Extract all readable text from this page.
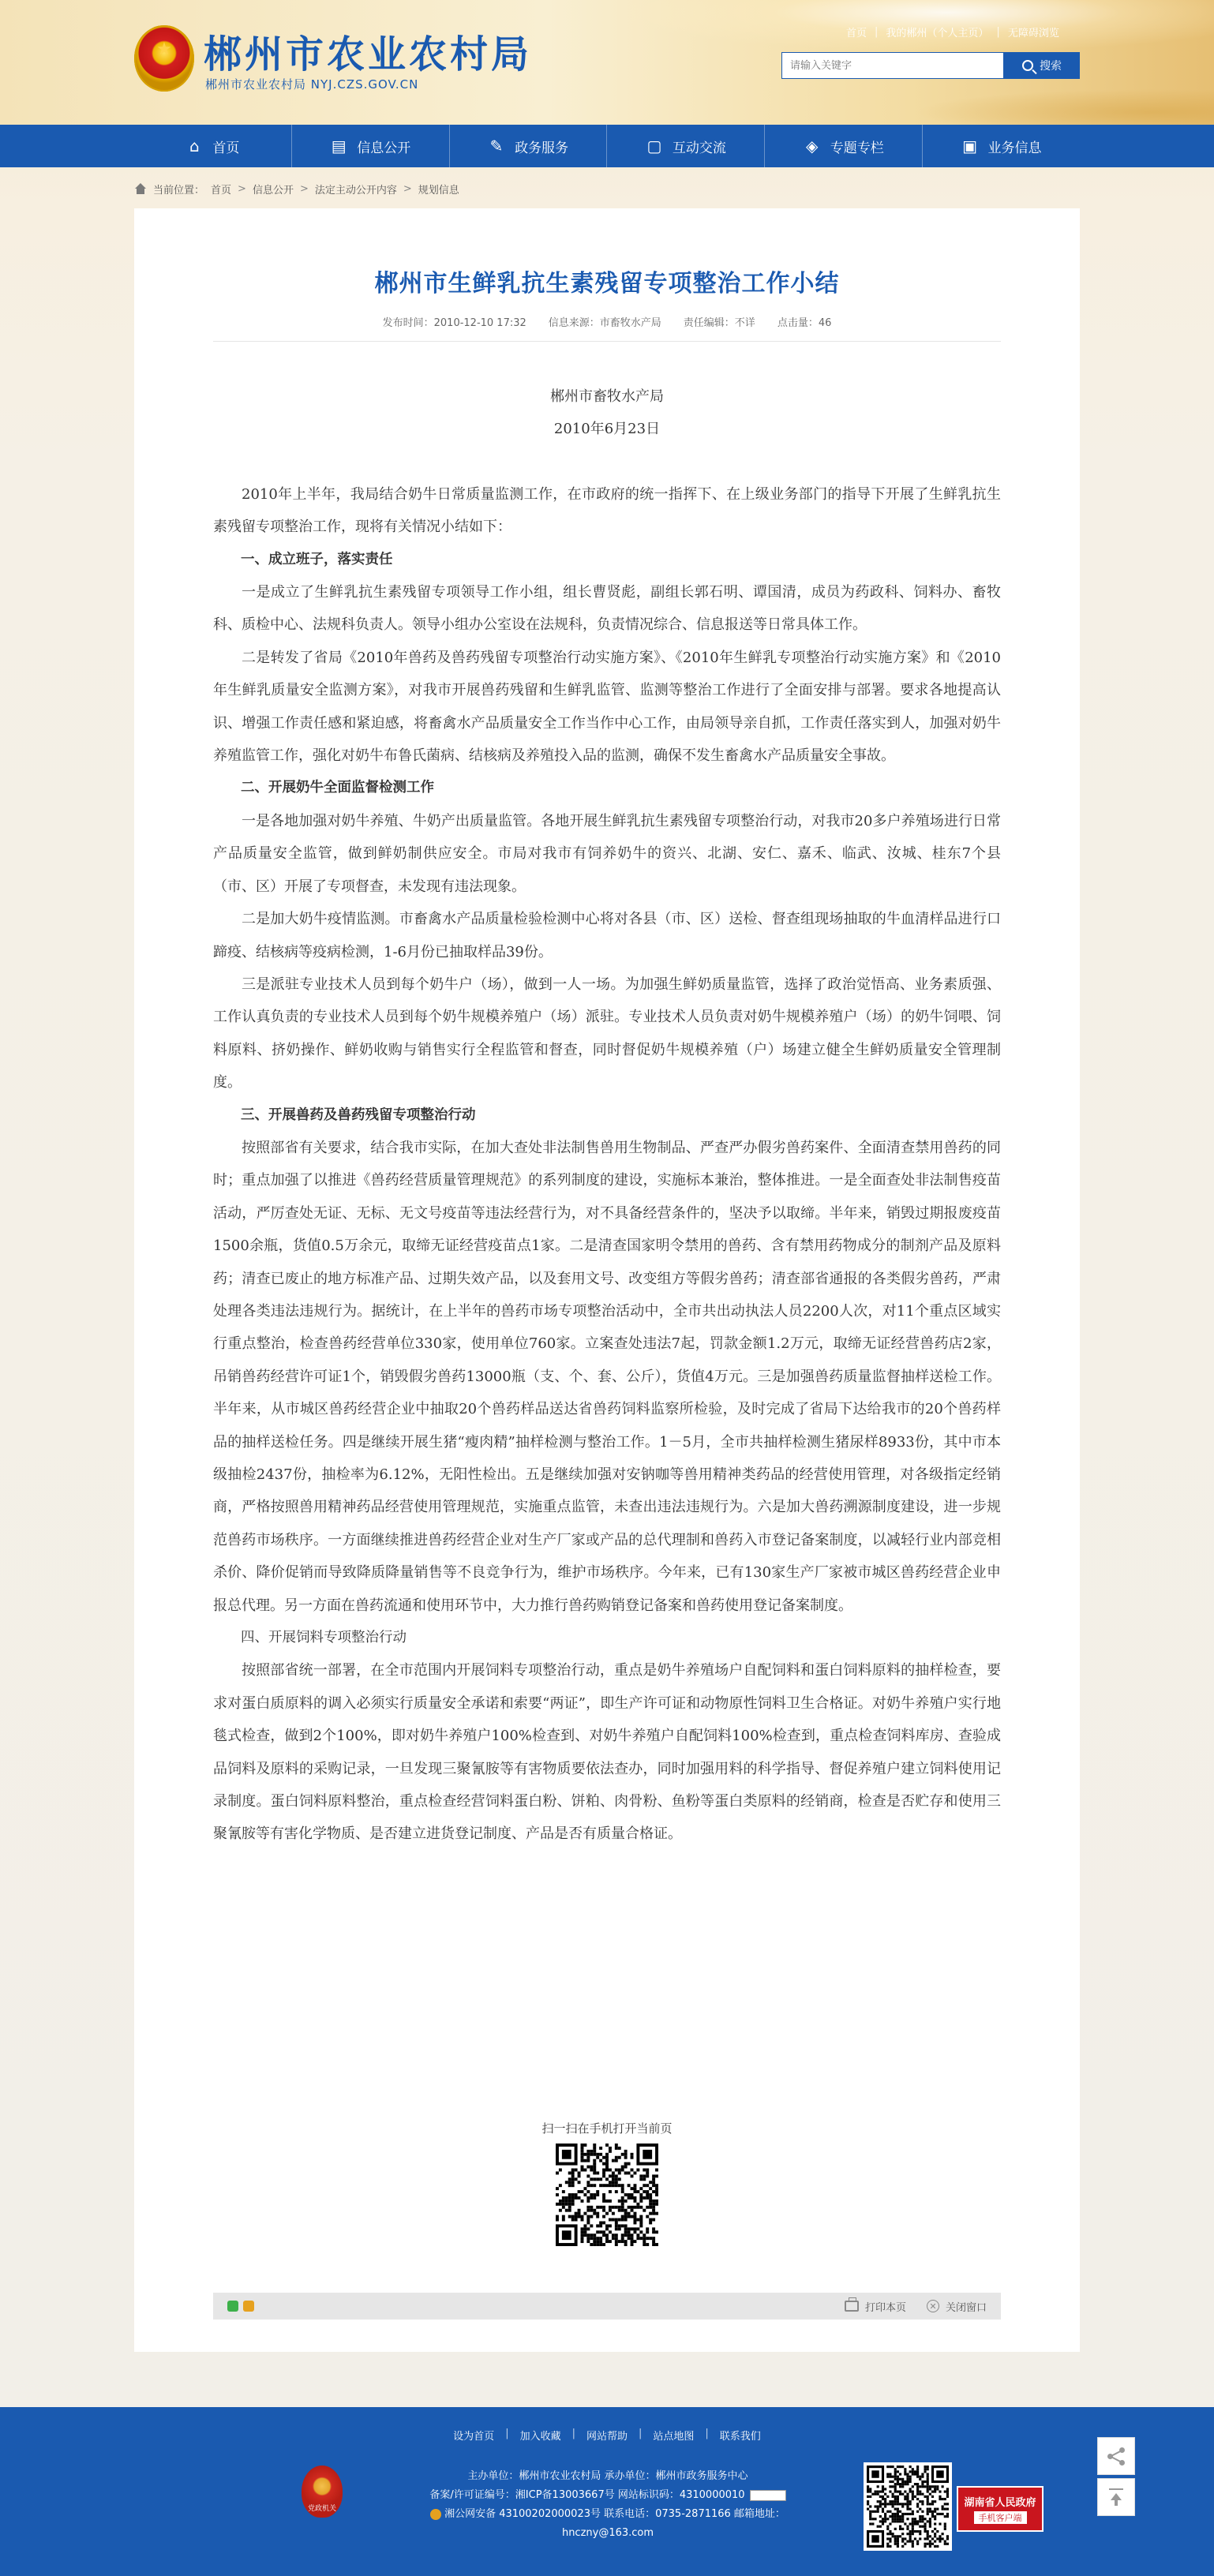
★ 郴州市农业农村局
郴州市农业农村局 NYJ.CZS.GOV.CN
首页 | 我的郴州（个人主页） | 无障碍浏览
请输入关键字
搜索
⌂ 首页	▤ 信息公开	✎ 政务服务	▢ 互动交流	◈ 专题专栏	▣ 业务信息
当前位置： 首页 > 信息公开 > 法定主动公开内容 > 规划信息
郴州市生鲜乳抗生素残留专项整治工作小结
发布时间：2010-12-10 17:32 信息来源：市畜牧水产局 责任编辑：不详 点击量：46

郴州市畜牧水产局

2010年6月23日

2010年上半年，我局结合奶牛日常质量监测工作，在市政府的统一指挥下、在上级业务部门的指导下开展了生鲜乳抗生素残留专项整治工作，现将有关情况小结如下：

一、成立班子，落实责任

一是成立了生鲜乳抗生素残留专项领导工作小组，组长曹贤彪，副组长郭石明、谭国清，成员为药政科、饲料办、畜牧科、质检中心、法规科负责人。领导小组办公室设在法规科，负责情况综合、信息报送等日常具体工作。

二是转发了省局《2010年兽药及兽药残留专项整治行动实施方案》、《2010年生鲜乳专项整治行动实施方案》和《2010年生鲜乳质量安全监测方案》，对我市开展兽药残留和生鲜乳监管、监测等整治工作进行了全面安排与部署。要求各地提高认识、增强工作责任感和紧迫感，将畜禽水产品质量安全工作当作中心工作，由局领导亲自抓，工作责任落实到人，加强对奶牛养殖监管工作，强化对奶牛布鲁氏菌病、结核病及养殖投入品的监测，确保不发生畜禽水产品质量安全事故。

二、开展奶牛全面监督检测工作

一是各地加强对奶牛养殖、牛奶产出质量监管。各地开展生鲜乳抗生素残留专项整治行动，对我市20多户养殖场进行日常产品质量安全监管，做到鲜奶制供应安全。市局对我市有饲养奶牛的资兴、北湖、安仁、嘉禾、临武、汝城、桂东7个县（市、区）开展了专项督查，未发现有违法现象。

二是加大奶牛疫情监测。市畜禽水产品质量检验检测中心将对各县（市、区）送检、督查组现场抽取的牛血清样品进行口蹄疫、结核病等疫病检测，1-6月份已抽取样品39份。

三是派驻专业技术人员到每个奶牛户（场），做到一人一场。为加强生鲜奶质量监管，选择了政治觉悟高、业务素质强、工作认真负责的专业技术人员到每个奶牛规模养殖户（场）派驻。专业技术人员负责对奶牛规模养殖户（场）的奶牛饲喂、饲料原料、挤奶操作、鲜奶收购与销售实行全程监管和督查，同时督促奶牛规模养殖（户）场建立健全生鲜奶质量安全管理制度。

三、开展兽药及兽药残留专项整治行动

按照部省有关要求，结合我市实际，在加大查处非法制售兽用生物制品、严查严办假劣兽药案件、全面清查禁用兽药的同时；重点加强了以推进《兽药经营质量管理规范》的系列制度的建设，实施标本兼治，整体推进。一是全面查处非法制售疫苗活动，严厉查处无证、无标、无文号疫苗等违法经营行为，对不具备经营条件的，坚决予以取缔。半年来，销毁过期报废疫苗1500余瓶，货值0.5万余元，取缔无证经营疫苗点1家。二是清查国家明令禁用的兽药、含有禁用药物成分的制剂产品及原料药；清查已废止的地方标准产品、过期失效产品，以及套用文号、改变组方等假劣兽药；清查部省通报的各类假劣兽药，严肃处理各类违法违规行为。据统计，在上半年的兽药市场专项整治活动中，全市共出动执法人员2200人次，对11个重点区域实行重点整治，检查兽药经营单位330家，使用单位760家。立案查处违法7起，罚款金额1.2万元，取缔无证经营兽药店2家，吊销兽药经营许可证1个，销毁假劣兽药13000瓶（支、个、套、公斤），货值4万元。三是加强兽药质量监督抽样送检工作。半年来，从市城区兽药经营企业中抽取20个兽药样品送达省兽药饲料监察所检验，及时完成了省局下达给我市的20个兽药样品的抽样送检任务。四是继续开展生猪“瘦肉精”抽样检测与整治工作。1－5月，全市共抽样检测生猪尿样8933份，其中市本级抽检2437份，抽检率为6.12%，无阳性检出。五是继续加强对安钠咖等兽用精神类药品的经营使用管理，对各级指定经销商，严格按照兽用精神药品经营使用管理规范，实施重点监管，未查出违法违规行为。六是加大兽药溯源制度建设，进一步规范兽药市场秩序。一方面继续推进兽药经营企业对生产厂家或产品的总代理制和兽药入市登记备案制度，以减轻行业内部竞相杀价、降价促销而导致降质降量销售等不良竞争行为，维护市场秩序。今年来，已有130家生产厂家被市城区兽药经营企业申报总代理。另一方面在兽药流通和使用环节中，大力推行兽药购销登记备案和兽药使用登记备案制度。

四、开展饲料专项整治行动

按照部省统一部署，在全市范围内开展饲料专项整治行动，重点是奶牛养殖场户自配饲料和蛋白饲料原料的抽样检查，要求对蛋白质原料的调入必须实行质量安全承诺和索要“两证”，即生产许可证和动物原性饲料卫生合格证。对奶牛养殖户实行地毯式检查，做到2个100%，即对奶牛养殖户100%检查到、对奶牛养殖户自配饲料100%检查到，重点检查饲料库房、查验成品饲料及原料的采购记录，一旦发现三聚氰胺等有害物质要依法查办，同时加强用料的科学指导、督促养殖户建立饲料使用记录制度。蛋白饲料原料整治，重点检查经营饲料蛋白粉、饼粕、肉骨粉、鱼粉等蛋白类原料的经销商，检查是否贮存和使用三聚氰胺等有害化学物质、是否建立进货登记制度、产品是否有质量合格证。

扫一扫在手机打开当前页
打印本页	✕ 关闭窗口
设为首页 | 加入收藏 | 网站帮助 | 站点地图 | 联系我们
党政机关
主办单位：郴州市农业农村局 承办单位：郴州市政务服务中心
备案/许可证编号：湘ICP备13003667号 网站标识码：4310000010
湘公网安备 43100202000023号 联系电话：0735-2871166 邮箱地址：
hnczny@163.com
湖南省人民政府
手机客户端
